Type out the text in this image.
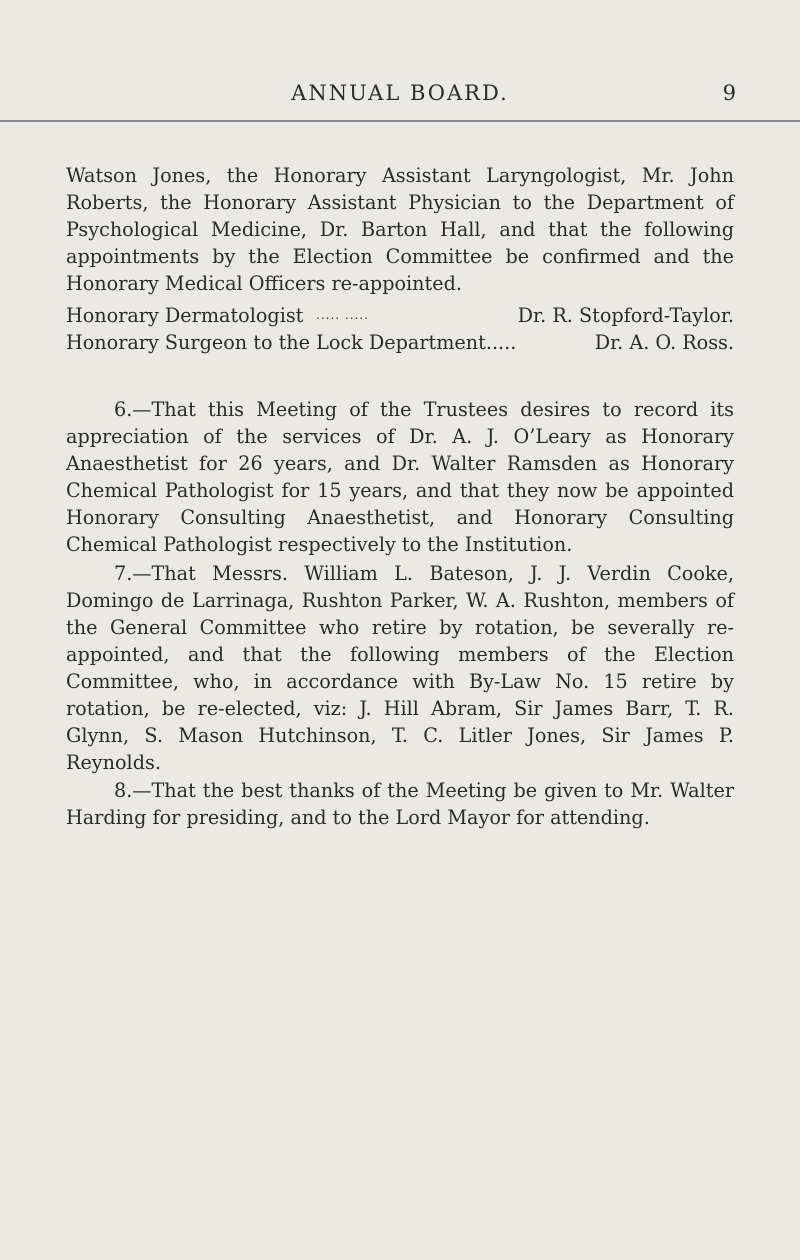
ANNUAL BOARD.	9

Watson Jones, the Honorary Assistant Laryngologist, Mr. John Roberts, the Honorary Assistant Physician to the Department of Psychological Medicine, Dr. Barton Hall, and that the following appointments by the Election Committee be confirmed and the Honorary Medical Officers re-appointed.

Honorary Dermatologist ..... .....	Dr. R. Stopford-Taylor.
Honorary Surgeon to the Lock Department.....	Dr. A. O. Ross.

6.—That this Meeting of the Trustees desires to record its appreciation of the services of Dr. A. J. O’Leary as Honorary Anaesthetist for 26 years, and Dr. Walter Ramsden as Honorary Chemical Pathologist for 15 years, and that they now be appointed Honorary Consulting Anaesthetist, and Honorary Consulting Chemical Pathologist respectively to the Institution.

7.—That Messrs. William L. Bateson, J. J. Verdin Cooke, Domingo de Larrinaga, Rushton Parker, W. A. Rushton, members of the General Committee who retire by rotation, be severally re-appointed, and that the following members of the Election Committee, who, in accordance with By-Law No. 15 retire by rotation, be re-elected, viz: J. Hill Abram, Sir James Barr, T. R. Glynn, S. Mason Hutchinson, T. C. Litler Jones, Sir James P. Reynolds.

8.—That the best thanks of the Meeting be given to Mr. Walter Harding for presiding, and to the Lord Mayor for attending.
